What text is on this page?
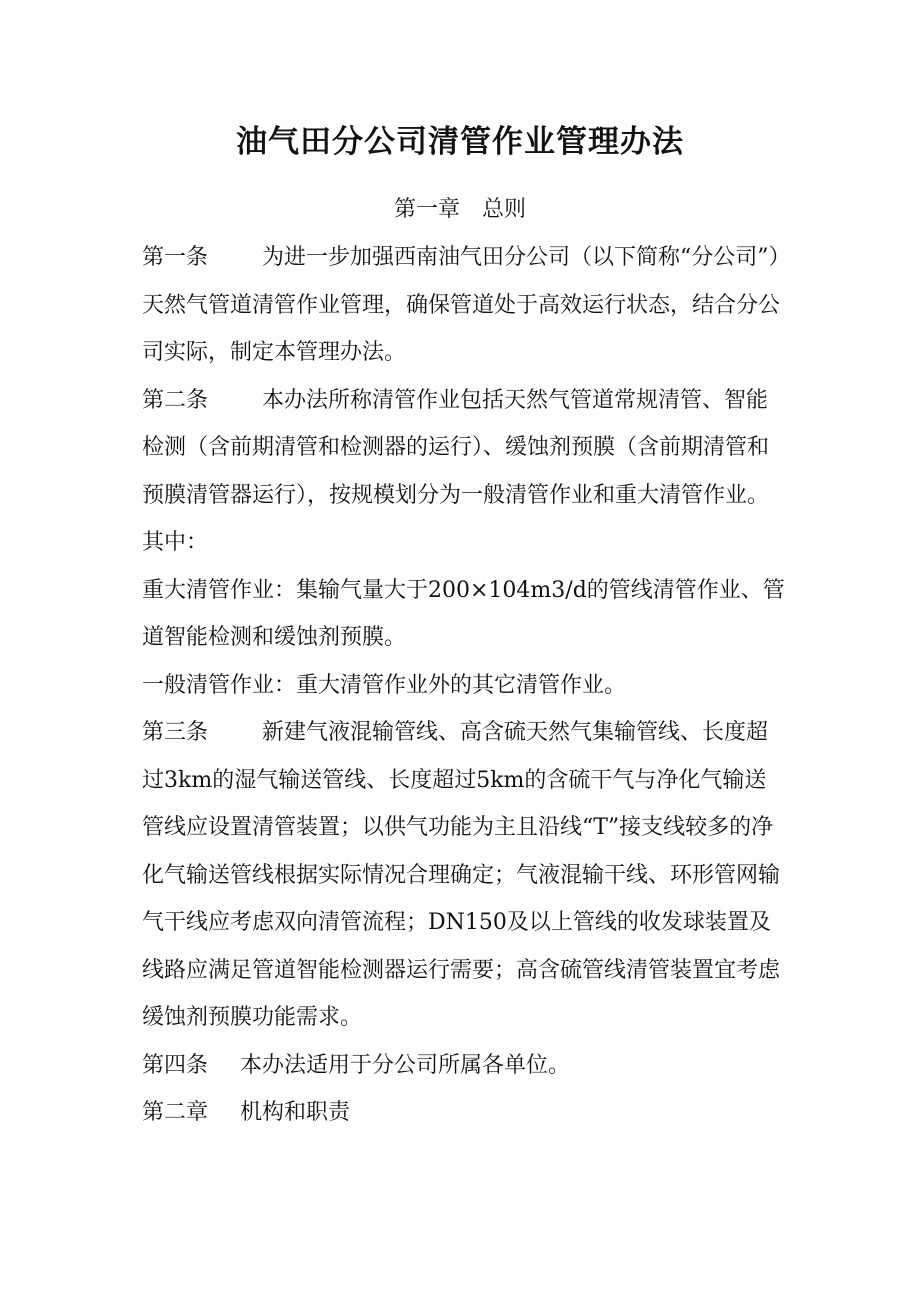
油气田分公司清管作业管理办法
第一章　总则

第一条 为进一步加强西南油气田分公司（以下简称“分公司”）天然气管道清管作业管理，确保管道处于高效运行状态，结合分公司实际，制定本管理办法。

第二条 本办法所称清管作业包括天然气管道常规清管、智能检测（含前期清管和检测器的运行）、缓蚀剂预膜（含前期清管和预膜清管器运行），按规模划分为一般清管作业和重大清管作业。其中：

重大清管作业：集输气量大于200×104m3/d的管线清管作业、管道智能检测和缓蚀剂预膜。

一般清管作业：重大清管作业外的其它清管作业。

第三条 新建气液混输管线、高含硫天然气集输管线、长度超过3km的湿气输送管线、长度超过5km的含硫干气与净化气输送管线应设置清管装置；以供气功能为主且沿线“T”接支线较多的净化气输送管线根据实际情况合理确定；气液混输干线、环形管网输气干线应考虑双向清管流程；DN150及以上管线的收发球装置及线路应满足管道智能检测器运行需要；高含硫管线清管装置宜考虑缓蚀剂预膜功能需求。

第四条 本办法适用于分公司所属各单位。

第二章 机构和职责
